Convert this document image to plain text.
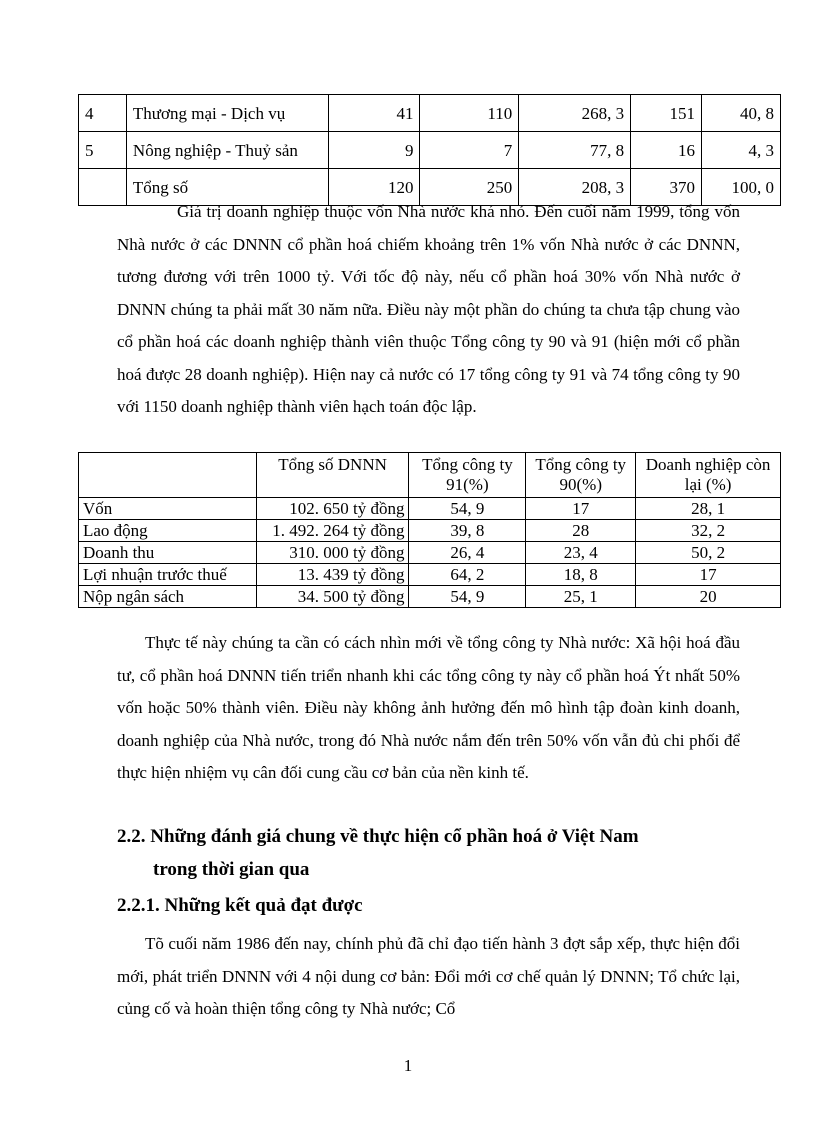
4	Thương mại - Dịch vụ	41	110	268, 3	151	40, 8
5	Nông nghiệp - Thuỷ sản	9	7	77, 8	16	4, 3
	Tổng số	120	250	208, 3	370	100, 0

Giá trị doanh nghiệp thuộc vốn Nhà nước khá nhỏ. Đến cuối năm 1999, tổng vốn Nhà nước ở các DNNN cổ phần hoá chiếm khoảng trên 1% vốn Nhà nước ở các DNNN, tương đương với trên 1000 tỷ. Với tốc độ này, nếu cổ phần hoá 30% vốn Nhà nước ở DNNN chúng ta phải mất 30 năm nữa. Điều này một phần do chúng ta chưa tập chung vào cổ phần hoá các doanh nghiệp thành viên thuộc Tổng công ty 90 và 91 (hiện mới cổ phần hoá được 28 doanh nghiệp). Hiện nay cả nước có 17 tổng công ty 91 và 74 tổng công ty 90 với 1150 doanh nghiệp thành viên hạch toán độc lập.

	Tổng số DNNN	Tổng công ty 91(%)	Tổng công ty 90(%)	Doanh nghiệp còn lại (%)
Vốn	102. 650 tỷ đồng	54, 9	17	28, 1
Lao động	1. 492. 264 tỷ đồng	39, 8	28	32, 2
Doanh thu	310. 000 tỷ đồng	26, 4	23, 4	50, 2
Lợi nhuận trước thuế	13. 439 tỷ đồng	64, 2	18, 8	17
Nộp ngân sách	34. 500 tỷ đồng	54, 9	25, 1	20

Thực tế này chúng ta cần có cách nhìn mới về tổng công ty Nhà nước: Xã hội hoá đầu tư, cổ phần hoá DNNN tiến triển nhanh khi các tổng công ty này cổ phần hoá Ýt nhất 50% vốn hoặc 50% thành viên. Điều này không ảnh hưởng đến mô hình tập đoàn kinh doanh, doanh nghiệp của Nhà nước, trong đó Nhà nước nắm đến trên 50% vốn vẫn đủ chi phối để thực hiện nhiệm vụ cân đối cung cầu cơ bản của nền kinh tế.

2.2. Những đánh giá chung về thực hiện cổ phần hoá ở Việt Nam
trong thời gian qua
2.2.1. Những kết quả đạt được

Tõ cuối năm 1986 đến nay, chính phủ đã chỉ đạo tiến hành 3 đợt sắp xếp, thực hiện đổi mới, phát triển DNNN với 4 nội dung cơ bản: Đổi mới cơ chế quản lý DNNN; Tổ chức lại, củng cố và hoàn thiện tổng công ty Nhà nước; Cổ

1
